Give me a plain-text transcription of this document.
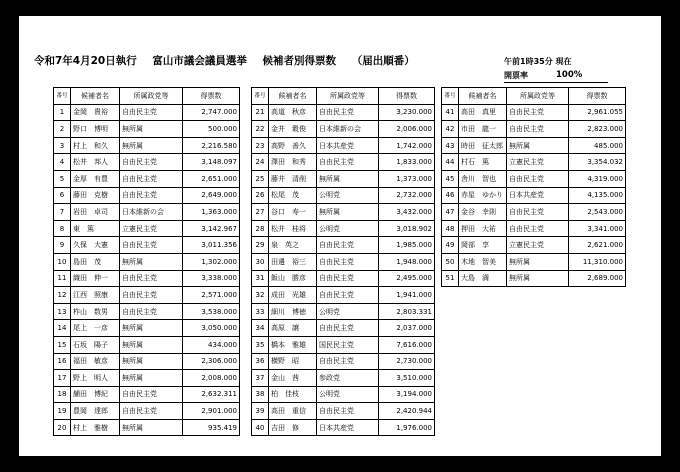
令和7年4月20日執行 富山市議会議員選挙 候補者別得票数 （届出順番）	午前1時35分 現在
開票率	100%
番号	候補者名	所属政党等	得票数
1	金岡　貴裕	自由民主党	2,747.000
2	野口　博明	無所属	500.000
3	村上　和久	無所属	2,216.580
4	松井　邦人	自由民主党	3,148.097
5	金厚　有豊	自由民主党	2,651.000
6	藤田　克樹	自由民主党	2,649.000
7	岩田　卓司	日本維新の会	1,363.000
8	東　篤	立憲民主党	3,142.967
9	久保　大憲	自由民主党	3,011.356
10	島田　茂	無所属	1,302.000
11	織田　伸一	自由民主党	3,338.000
12	江西　照康	自由民主党	2,571.000
13	柞山　数男	自由民主党	3,538.000
14	尾上　一彦	無所属	3,050.000
15	石坂　陽子	無所属	434.000
16	福田　敏彦	無所属	2,306.000
17	野上　明人	無所属	2,008.000
18	舗田　博紀	自由民主党	2,632.311
19	豊岡　達郎	自由民主党	2,901.000
20	村上　雅樹	無所属	935.419
番号	候補者名	所属政党等	得票数
21	高道　秋彦	自由民主党	3,230.000
22	金井　穀俊	日本維新の会	2,006.000
23	高野　善久	日本共産党	1,742.000
24	澤田　和秀	自由民主党	1,833.000
25	藤井　清削	無所属	1,373.000
26	松尾　茂	公明党	2,732.000
27	谷口　寿一	無所属	3,432.000
28	松井　桂将	公明党	3,018.902
29	泉　英之	自由民主党	1,985.000
30	田邊　裕三	自由民主党	1,948.000
31	飯山　勝彦	自由民主党	2,495.000
32	成田　光雄	自由民主党	1,941.000
33	細川　博徳	公明党	2,803.331
34	高原　譲	自由民主党	2,037.000
35	橋本　雅雄	国民民主党	7,616.000
36	横野　昭	自由民主党	2,730.000
37	金山　茜	参政党	3,510.000
38	柏　佳枝	公明党	3,194.000
39	高田　重信	自由民主党	2,420.944
40	吉田　修	日本共産党	1,976.000
番号	候補者名	所属政党等	得票数
41	高田　真里	自由民主党	2,961.055
42	市田　龍一	自由民主党	2,823.000
43	時田　征太郎	無所属	485.000
44	村石　篤	立憲民主党	3,354.032
45	舎川　智也	自由民主党	4,319.000
46	赤星　ゆかり	日本共産党	4,135.000
47	金谷　幸則	自由民主党	2,543.000
48	押田　大祐	自由民主党	3,341.000
49	岡部　享	立憲民主党	2,621.000
50	木地　智美	無所属	11,310.000
51	大島　満	無所属	2,689.000
